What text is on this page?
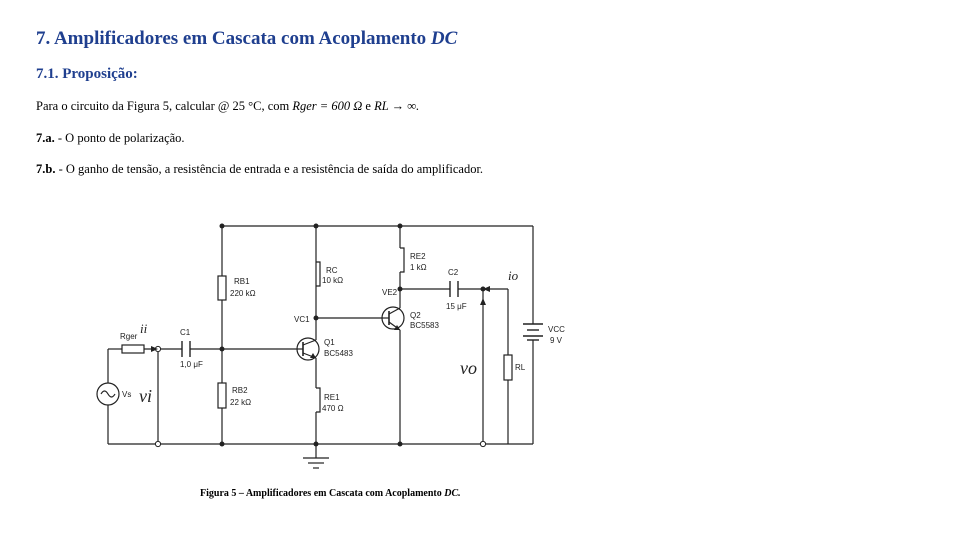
7. Amplificadores em Cascata com Acoplamento DC
7.1. Proposição:
Para o circuito da Figura 5, calcular @ 25 °C, com Rger = 600 Ω e RL → ∞.
7.a. - O ponto de polarização.
7.b. - O ganho de tensão, a resistência de entrada e a resistência de saída do amplificador.
RB1
220 kΩ
RB2
22 kΩ
RC
10 kΩ
RE1
470 Ω
RE2
1 kΩ
Rger	C1
1,0 μF
C2
15 μF
Q1
BC5483
Q2
BC5583	VCC
9 V
RL
Vs
VC1
VE2
ii
io
vi
vo
Figura 5 – Amplificadores em Cascata com Acoplamento DC.
